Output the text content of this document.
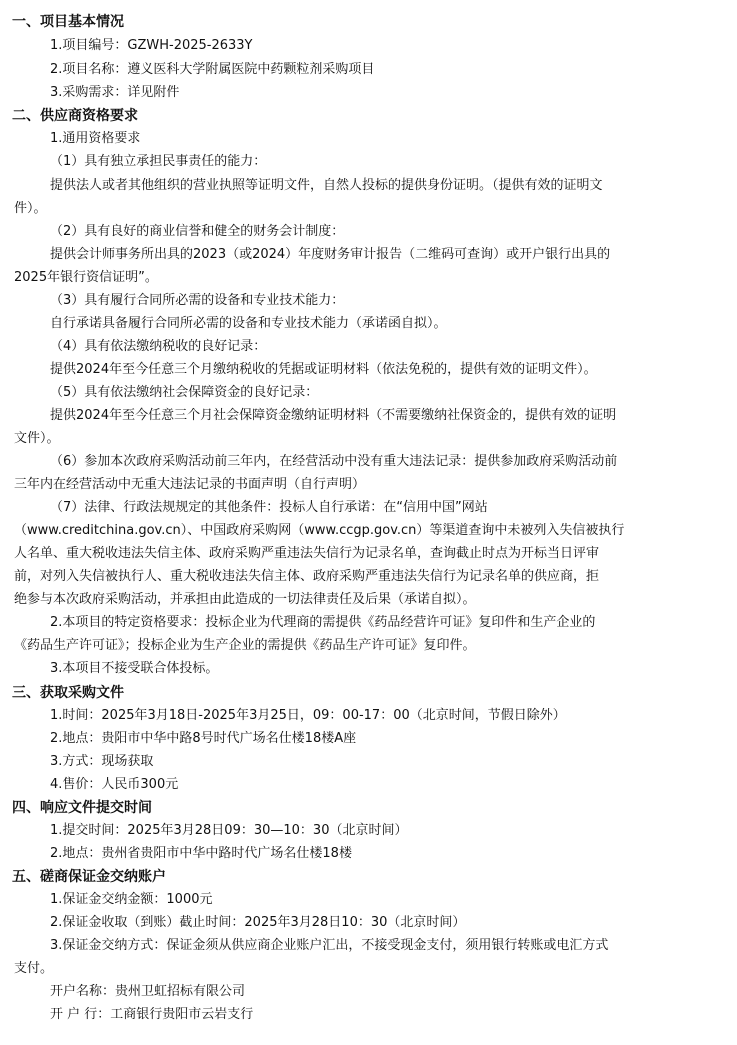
一、项目基本情况
1.项目编号：GZWH-2025-2633Y
2.项目名称：遵义医科大学附属医院中药颗粒剂采购项目
3.采购需求：详见附件
二、供应商资格要求
1.通用资格要求
（1）具有独立承担民事责任的能力：
提供法人或者其他组织的营业执照等证明文件，自然人投标的提供身份证明。（提供有效的证明文
件）。
（2）具有良好的商业信誉和健全的财务会计制度：
提供会计师事务所出具的2023（或2024）年度财务审计报告（二维码可查询）或开户银行出具的
2025年银行资信证明”。
（3）具有履行合同所必需的设备和专业技术能力：
自行承诺具备履行合同所必需的设备和专业技术能力（承诺函自拟）。
（4）具有依法缴纳税收的良好记录：
提供2024年至今任意三个月缴纳税收的凭据或证明材料（依法免税的，提供有效的证明文件）。
（5）具有依法缴纳社会保障资金的良好记录：
提供2024年至今任意三个月社会保障资金缴纳证明材料（不需要缴纳社保资金的，提供有效的证明
文件）。
（6）参加本次政府采购活动前三年内，在经营活动中没有重大违法记录：提供参加政府采购活动前
三年内在经营活动中无重大违法记录的书面声明（自行声明）
（7）法律、行政法规规定的其他条件：投标人自行承诺：在“信用中国”网站
（www.creditchina.gov.cn）、中国政府采购网（www.ccgp.gov.cn）等渠道查询中未被列入失信被执行
人名单、重大税收违法失信主体、政府采购严重违法失信行为记录名单，查询截止时点为开标当日评审
前，对列入失信被执行人、重大税收违法失信主体、政府采购严重违法失信行为记录名单的供应商，拒
绝参与本次政府采购活动，并承担由此造成的一切法律责任及后果（承诺自拟）。
2.本项目的特定资格要求：投标企业为代理商的需提供《药品经营许可证》复印件和生产企业的
《药品生产许可证》；投标企业为生产企业的需提供《药品生产许可证》复印件。
3.本项目不接受联合体投标。
三、获取采购文件
1.时间：2025年3月18日-2025年3月25日，09：00-17：00（北京时间，节假日除外）
2.地点：贵阳市中华中路8号时代广场名仕楼18楼A座
3.方式：现场获取
4.售价：人民币300元
四、响应文件提交时间
1.提交时间：2025年3月28日09：30—10：30（北京时间）
2.地点：贵州省贵阳市中华中路时代广场名仕楼18楼
五、磋商保证金交纳账户
1.保证金交纳金额：1000元
2.保证金收取（到账）截止时间：2025年3月28日10：30（北京时间）
3.保证金交纳方式：保证金须从供应商企业账户汇出，不接受现金支付，须用银行转账或电汇方式
支付。
开户名称：贵州卫虹招标有限公司
开 户 行：工商银行贵阳市云岩支行
